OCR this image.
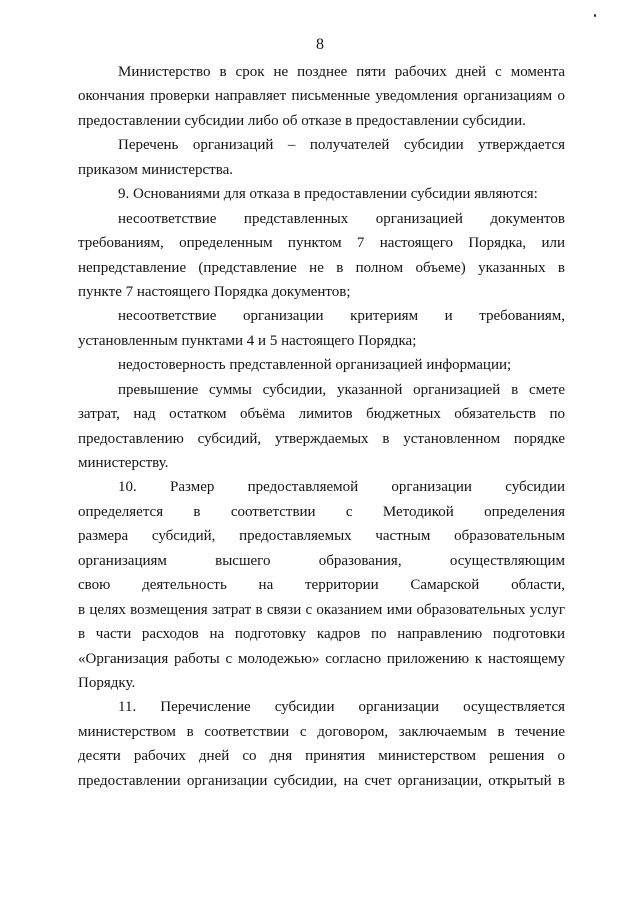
8
Министерство в срок не позднее пяти рабочих дней с момента
окончания проверки направляет письменные уведомления организациям о
предоставлении субсидии либо об отказе в предоставлении субсидии.
Перечень организаций – получателей субсидии утверждается
приказом министерства.
9. Основаниями для отказа в предоставлении субсидии являются:
несоответствие представленных организацией документов
требованиям, определенным пунктом 7 настоящего Порядка, или
непредставление (представление не в полном объеме) указанных в
пункте 7 настоящего Порядка документов;
несоответствие организации критериям и требованиям,
установленным пунктами 4 и 5 настоящего Порядка;
недостоверность представленной организацией информации;
превышение суммы субсидии, указанной организацией в смете
затрат, над остатком объёма лимитов бюджетных обязательств по
предоставлению субсидий, утверждаемых в установленном порядке
министерству.
10. Размер предоставляемой организации субсидии
определяется в соответствии с Методикой определения
размера субсидий, предоставляемых частным образовательным
организациям высшего образования, осуществляющим
свою деятельность на территории Самарской области,
в целях возмещения затрат в связи с оказанием ими образовательных услуг
в части расходов на подготовку кадров по направлению подготовки
«Организация работы с молодежью» согласно приложению к настоящему
Порядку.
11. Перечисление субсидии организации осуществляется
министерством в соответствии с договором, заключаемым в течение
десяти рабочих дней со дня принятия министерством решения о
предоставлении организации субсидии, на счет организации, открытый в
